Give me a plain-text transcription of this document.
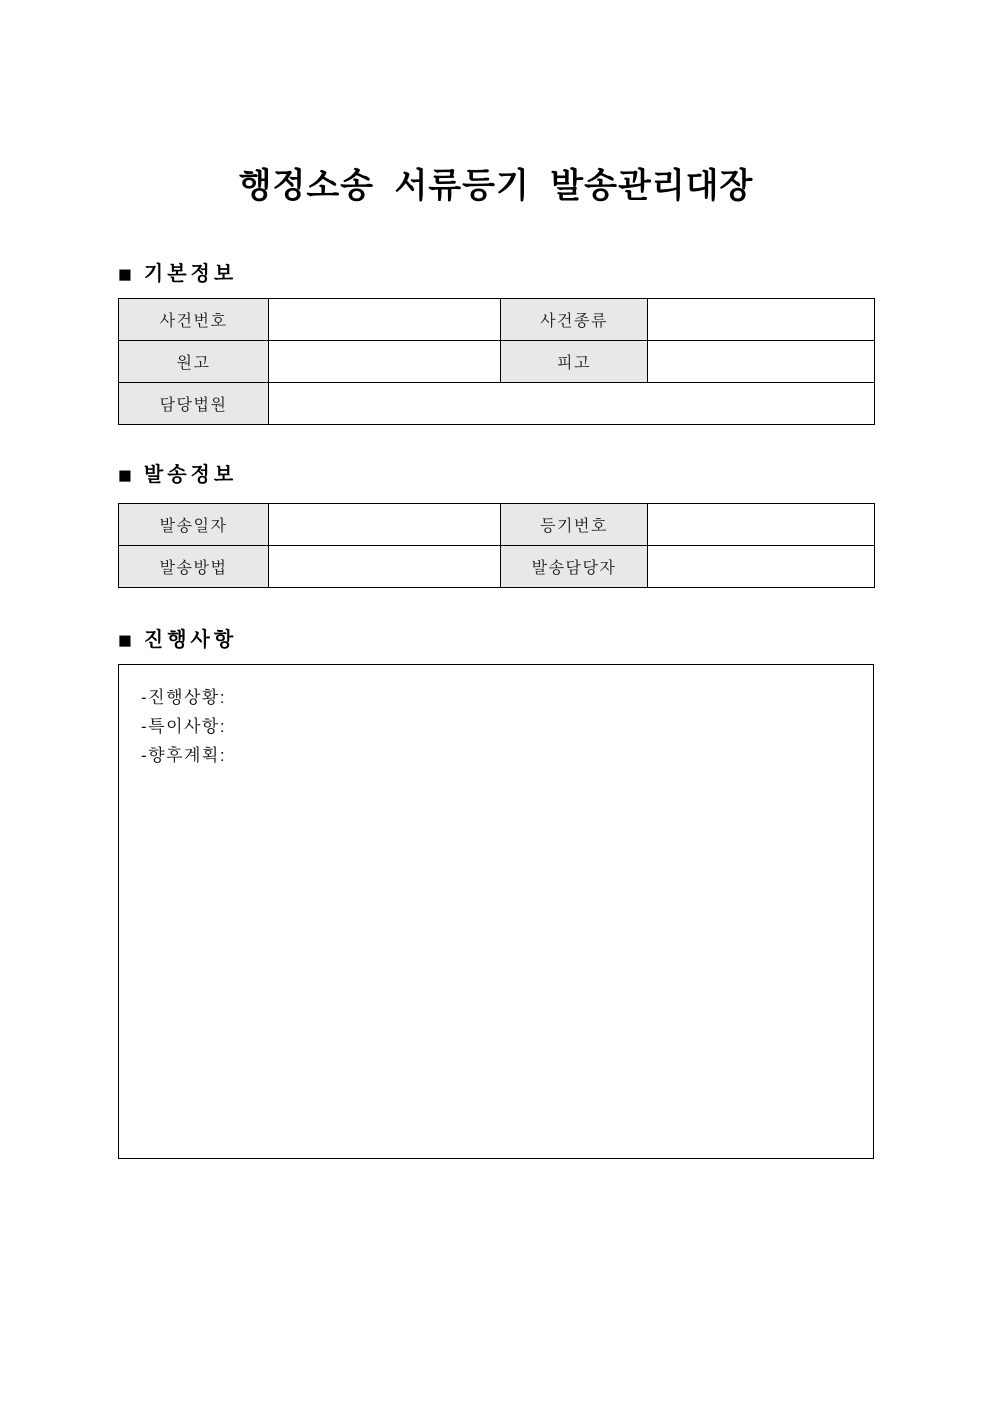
행정소송 서류등기 발송관리대장
■ 기본정보
사건번호		사건종류	
원고		피고	
담당법원			
■ 발송정보
발송일자		등기번호	
발송방법		발송담당자	
■ 진행사항
-진행상황:
-특이사항:
-향후계획:
